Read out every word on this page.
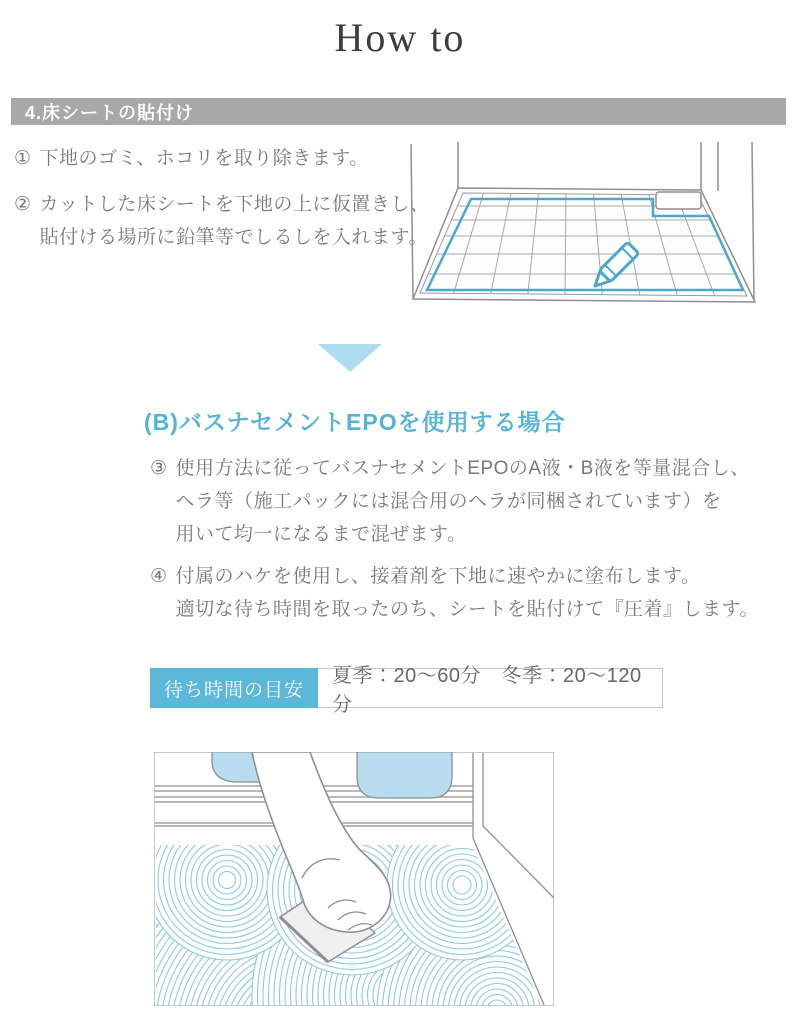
How to
4.床シートの貼付け
① 下地のゴミ、ホコリを取り除きます。
② カットした床シートを下地の上に仮置きし、
貼付ける場所に鉛筆等でしるしを入れます。
(B)バスナセメントEPOを使用する場合
③ 使用方法に従ってバスナセメントEPOのA液・B液を等量混合し、
ヘラ等（施工パックには混合用のヘラが同梱されています）を
用いて均一になるまで混ぜます。
④ 付属のハケを使用し、接着剤を下地に速やかに塗布します。
適切な待ち時間を取ったのち、シートを貼付けて『圧着』します。
待ち時間の目安
夏季：20～60分　冬季：20～120分
